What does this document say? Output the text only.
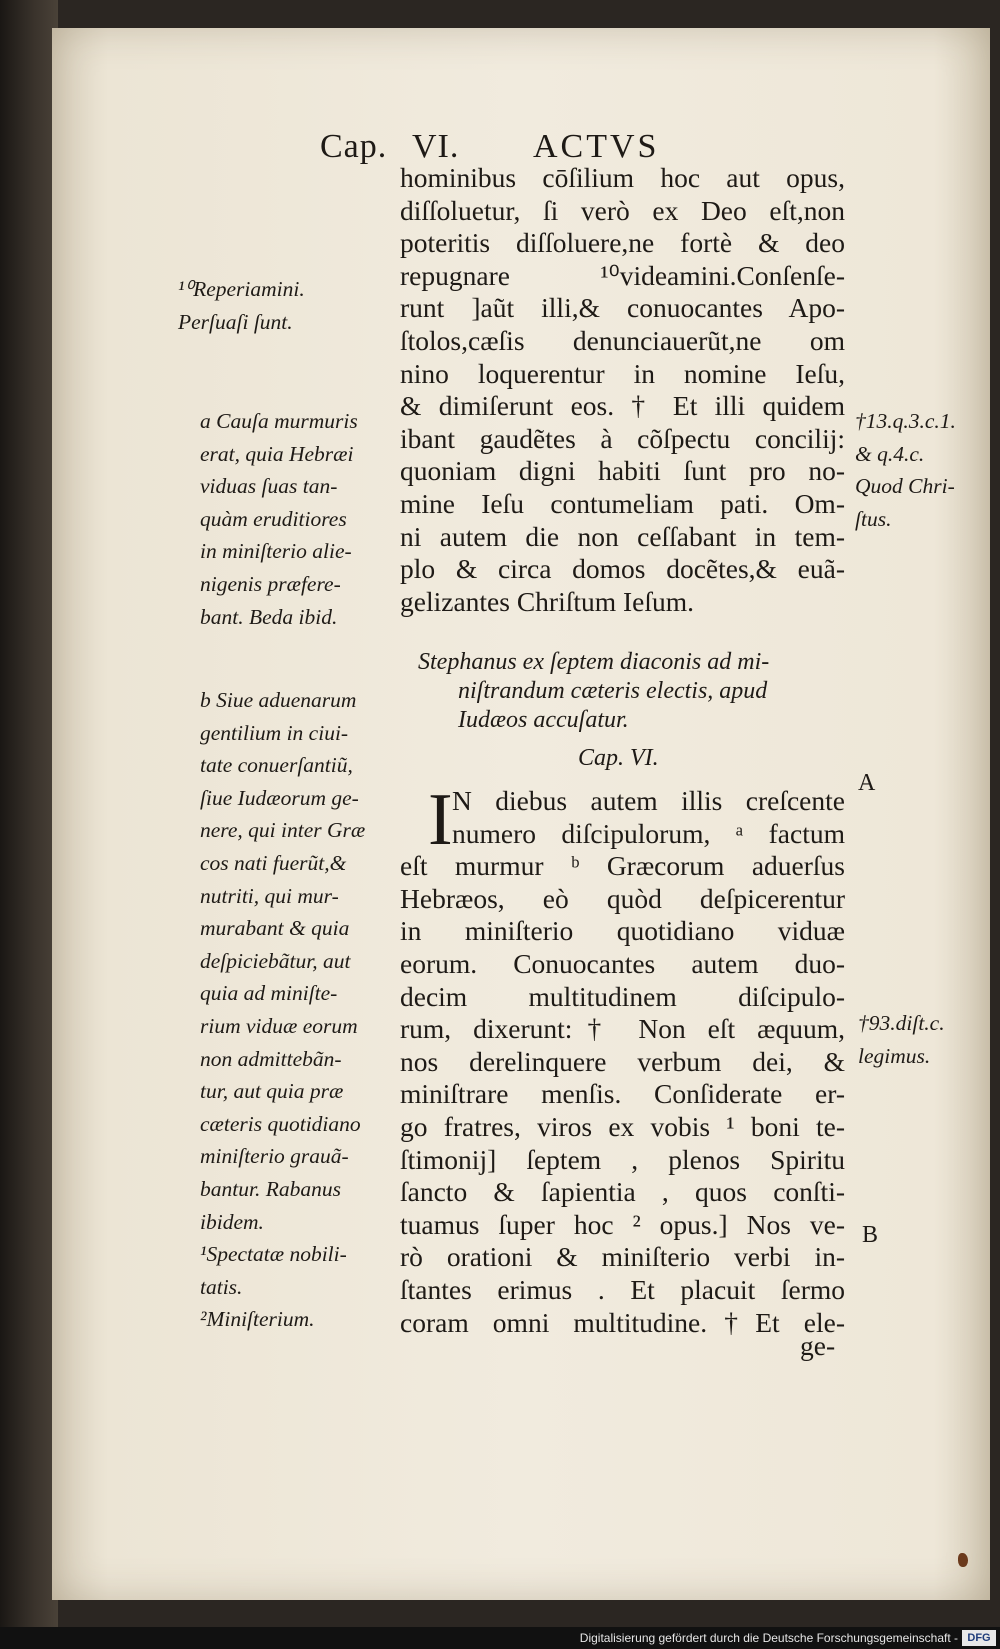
Cap. VI. ACTVS
hominibus cōſilium hoc aut opus,
diſſoluetur, ſi verò ex Deo eſt,non
poteritis diſſoluere,ne fortè & deo
repugnare ¹⁰videamini.Conſenſe-
runt ]aũt illi,& conuocantes Apo-
ſtolos,cæſis denunciauerũt,ne om
nino loquerentur in nomine Ieſu,
& dimiſerunt eos. † Et illi quidem
ibant gaudẽtes à cõſpectu concilij:
quoniam digni habiti ſunt pro no-
mine Ieſu contumeliam pati. Om-
ni autem die non ceſſabant in tem-
plo & circa domos docẽtes,& euã-
gelizantes Chriſtum Ieſum.
Stephanus ex ſeptem diaconis ad mi-
niſtrandum cæteris electis, apud
Iudæos accuſatur.
Cap. VI.
I N diebus autem illis creſcente
numero diſcipulorum, ᵃ factum
eſt murmur ᵇ Græcorum aduerſus
Hebræos, eò quòd deſpicerentur
in miniſterio quotidiano viduæ
eorum. Conuocantes autem duo-
decim multitudinem diſcipulo-
rum, dixerunt:† Non eſt æquum,
nos derelinquere verbum dei, &
miniſtrare menſis. Conſiderate er-
go fratres, viros ex vobis ¹ boni te-
ſtimonij] ſeptem , plenos Spiritu
ſancto & ſapientia , quos conſti-
tuamus ſuper hoc ² opus.] Nos ve-
rò orationi & miniſterio verbi in-
ſtantes erimus . Et placuit ſermo
coram omni multitudine.†Et ele-
ge-
¹⁰Reperiamini.
Perſuaſi ſunt.
a Cauſa murmuris
erat, quia Hebræi
viduas ſuas tan-
quàm eruditiores
in miniſterio alie-
nigenis præfere-
bant. Beda ibid.
b Siue aduenarum
gentilium in ciui-
tate conuerſantiũ,
ſiue Iudæorum ge-
nere, qui inter Græ
cos nati fuerũt,&
nutriti, qui mur-
murabant & quia
deſpiciebãtur, aut
quia ad miniſte-
rium viduæ eorum
non admittebãn-
tur, aut quia præ
cæteris quotidiano
miniſterio grauã-
bantur. Rabanus
ibidem.
¹Spectatæ nobili-
tatis.
²Miniſterium.
†13.q.3.c.1.
& q.4.c.
Quod Chri-
ſtus.
†93.diſt.c.
legimus.
A
B
Digitalisierung gefördert durch die Deutsche Forschungsgemeinschaft - DFG
